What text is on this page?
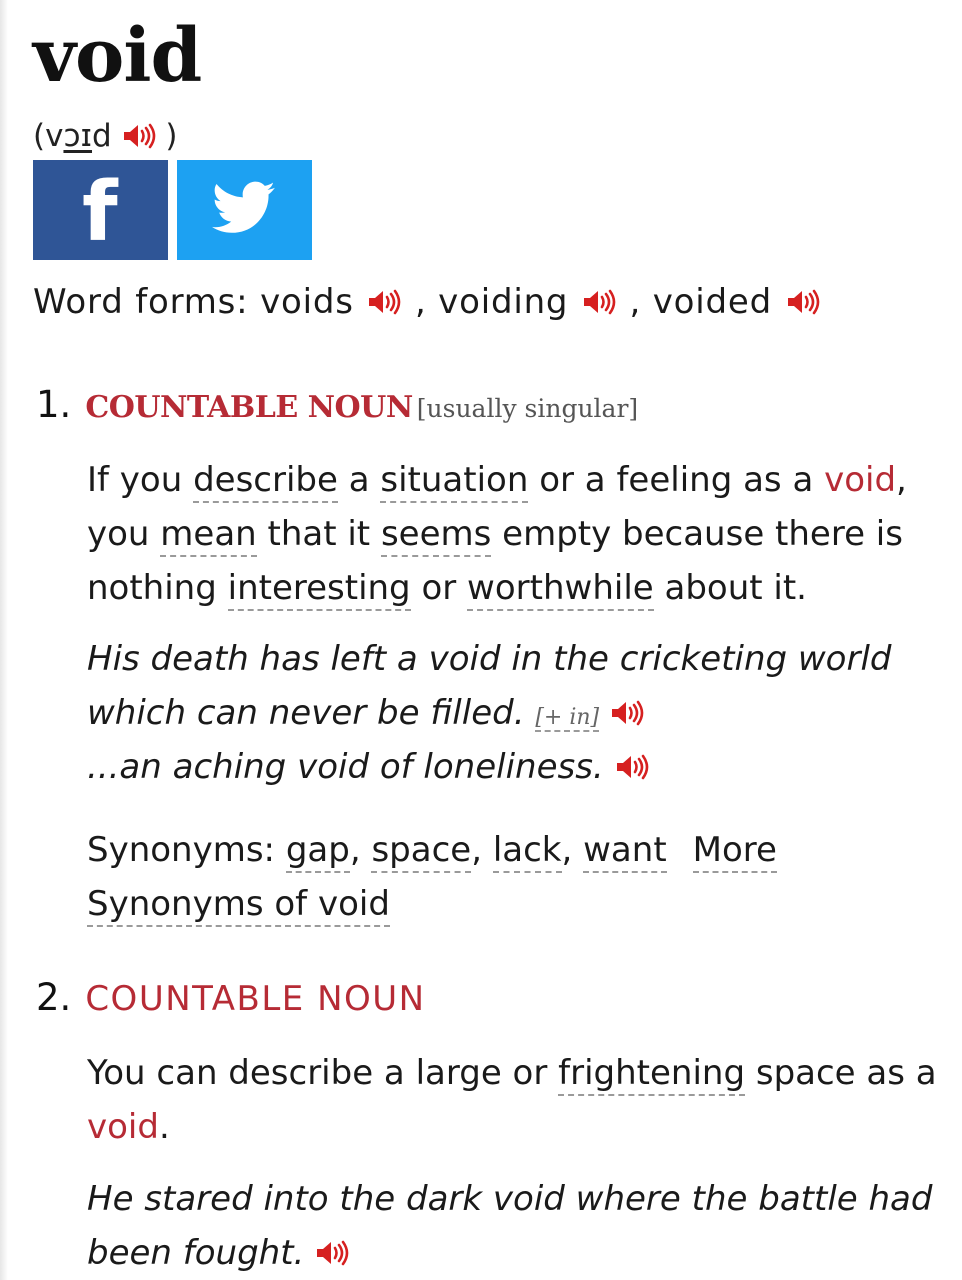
void
(vɔɪd
)
f
Word forms: voids
, voiding
, voided
1. COUNTABLE NOUN [usually singular]
If you describe a situation or a feeling as a void, you mean that it seems empty because there is nothing interesting or worthwhile about it.
His death has left a void in the cricketing world which can never be filled. [+ in]
...an aching void of loneliness.
Synonyms: gap, space, lack, want More Synonyms of void
2. COUNTABLE NOUN
You can describe a large or frightening space as a void.
He stared into the dark void where the battle had been fought.
